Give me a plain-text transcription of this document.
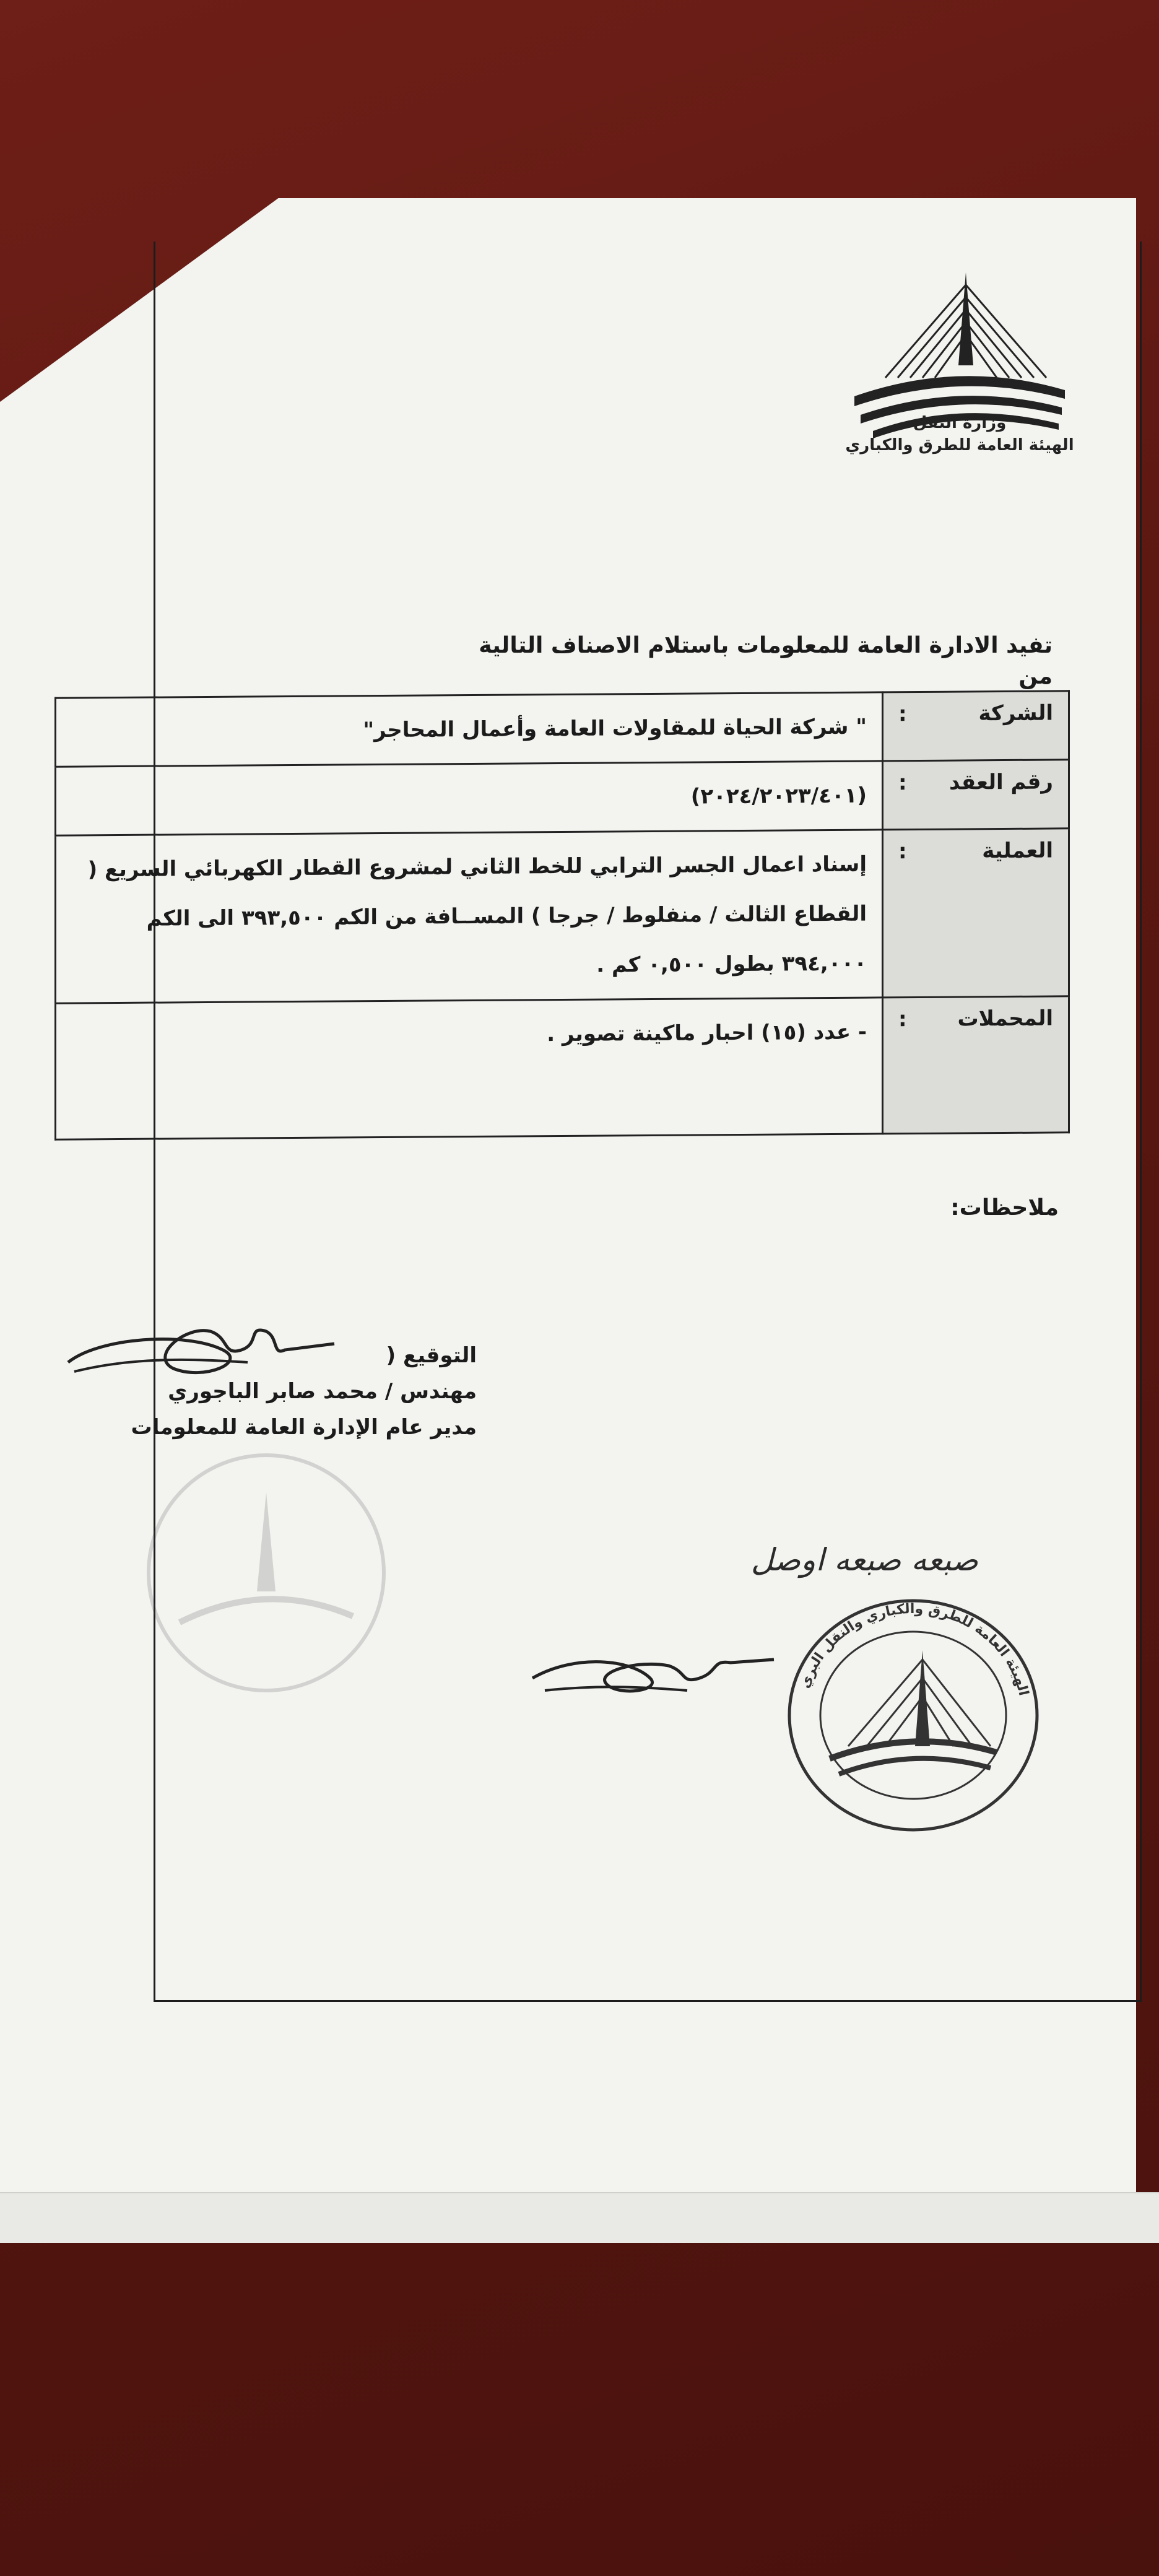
وزارة النقل
الهيئة العامة للطرق والكباري
تفيد الادارة العامة للمعلومات باستلام الاصناف التالية من
الشركة
:	" شركة الحياة للمقاولات العامة وأعمال المحاجر"
رقم العقد
:	(٢٠٢٤/٢٠٢٣/٤٠١)
العملية
:	إسناد اعمال الجسر الترابي للخط الثاني لمشروع القطار الكهربائي السريع ( القطاع الثالث / منفلوط / جرجا ) المســافة من الكم ٣٩٣,٥٠٠ الى الكم ٣٩٤,٠٠٠ بطول ٠,٥٠٠ كم .
المحملات
:	- عدد (١٥) احبار ماكينة تصوير .
ملاحظات:
التوقيع (
مهندس / محمد صابر الباجوري
مدير عام الإدارة العامة للمعلومات
صبعه صبعه اوصل
الهيئة العامة للطرق والكباري والنقل البري
